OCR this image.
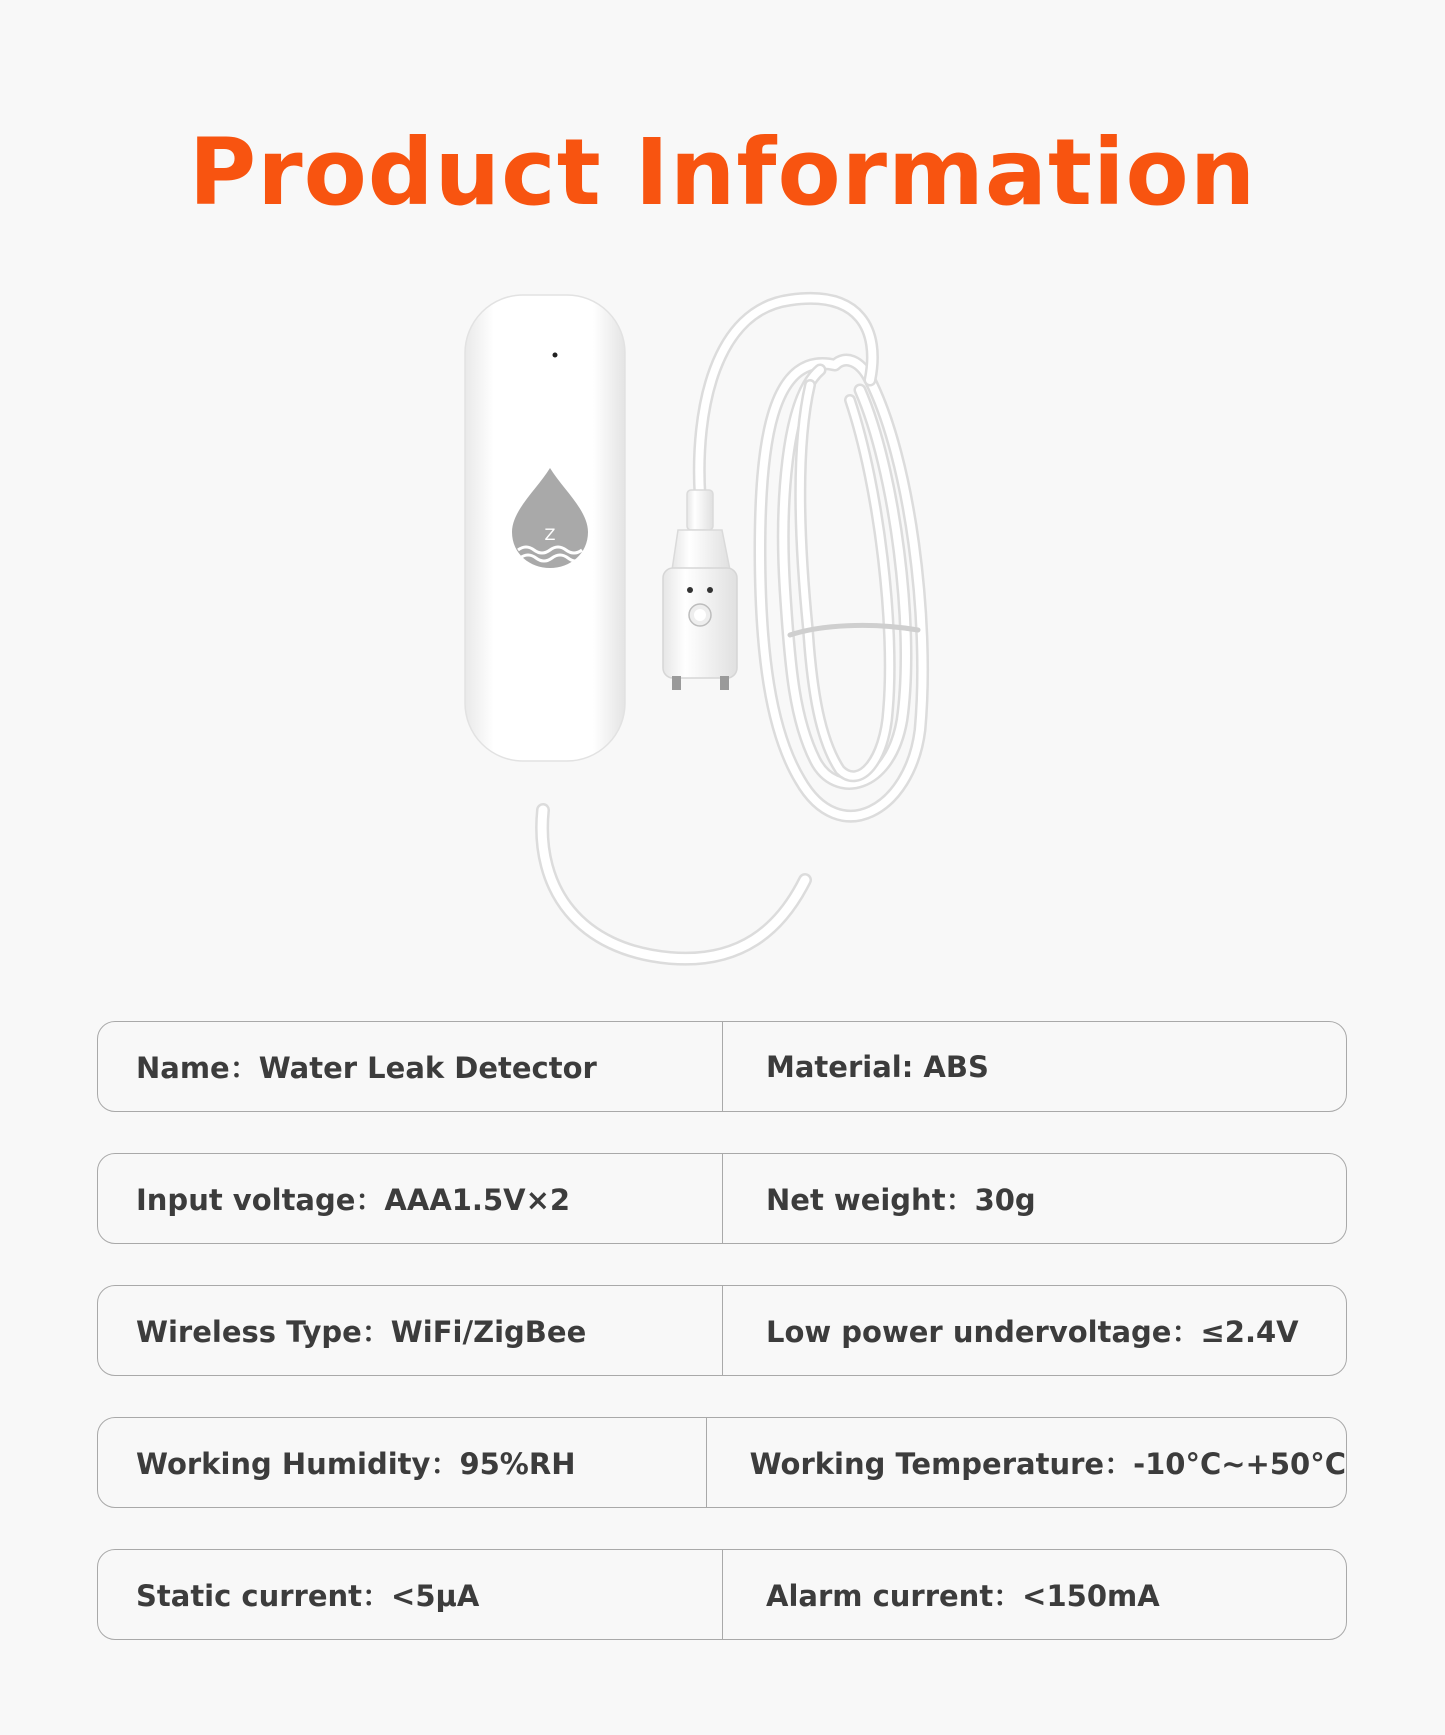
Product Information
Z
Name：Water Leak Detector	Material: ABS
Input voltage：AAA1.5V×2	Net weight：30g
Wireless Type：WiFi/ZigBee	Low power undervoltage：≤2.4V
Working Humidity：95%RH	Working Temperature：-10°C~+50°C
Static current：<5μA	Alarm current：<150mA
